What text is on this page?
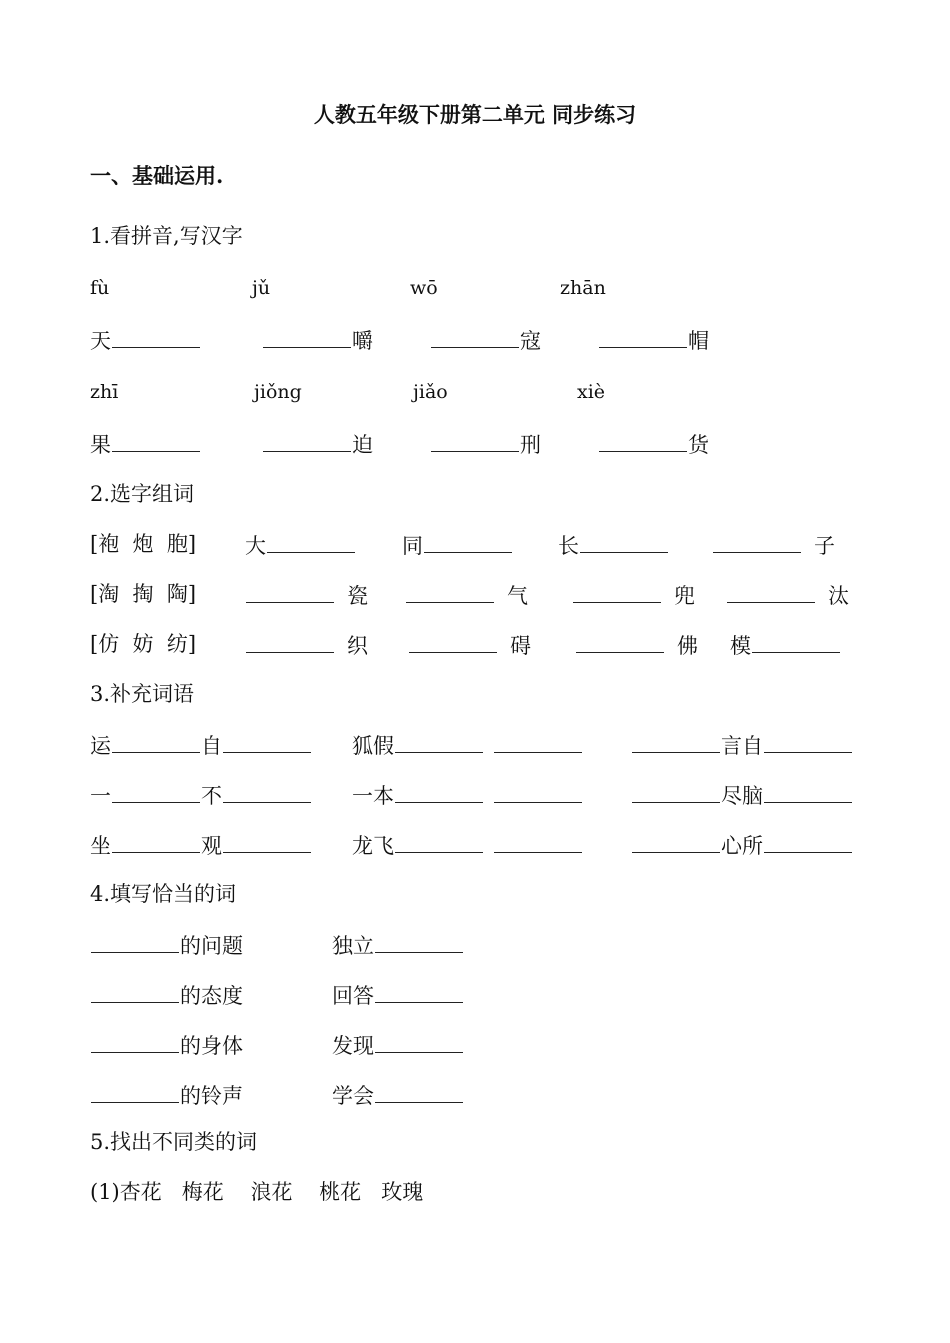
人教五年级下册第二单元 同步练习
一、基础运用.
1.看拼音,写汉字
fù	jǔ	wō	zhān
天	嚼	寇	帽
zhī	jiǒng	jiǎo	xiè
果	迫	刑	货
2.选字组词
[袍  炮  胞] 大	同	长	子
[淘  掏  陶]	瓷	气	兜	汰
[仿  妨  纺]	织	碍	佛 模
3.补充词语
运	自	狐假	言自
一	不	一本	尽脑
坐	观	龙飞	心所
4.填写恰当的词
的问题	独立
的态度	回答
的身体	发现
的铃声	学会
5.找出不同类的词
(1)杏花   梅花    浪花    桃花   玫瑰
